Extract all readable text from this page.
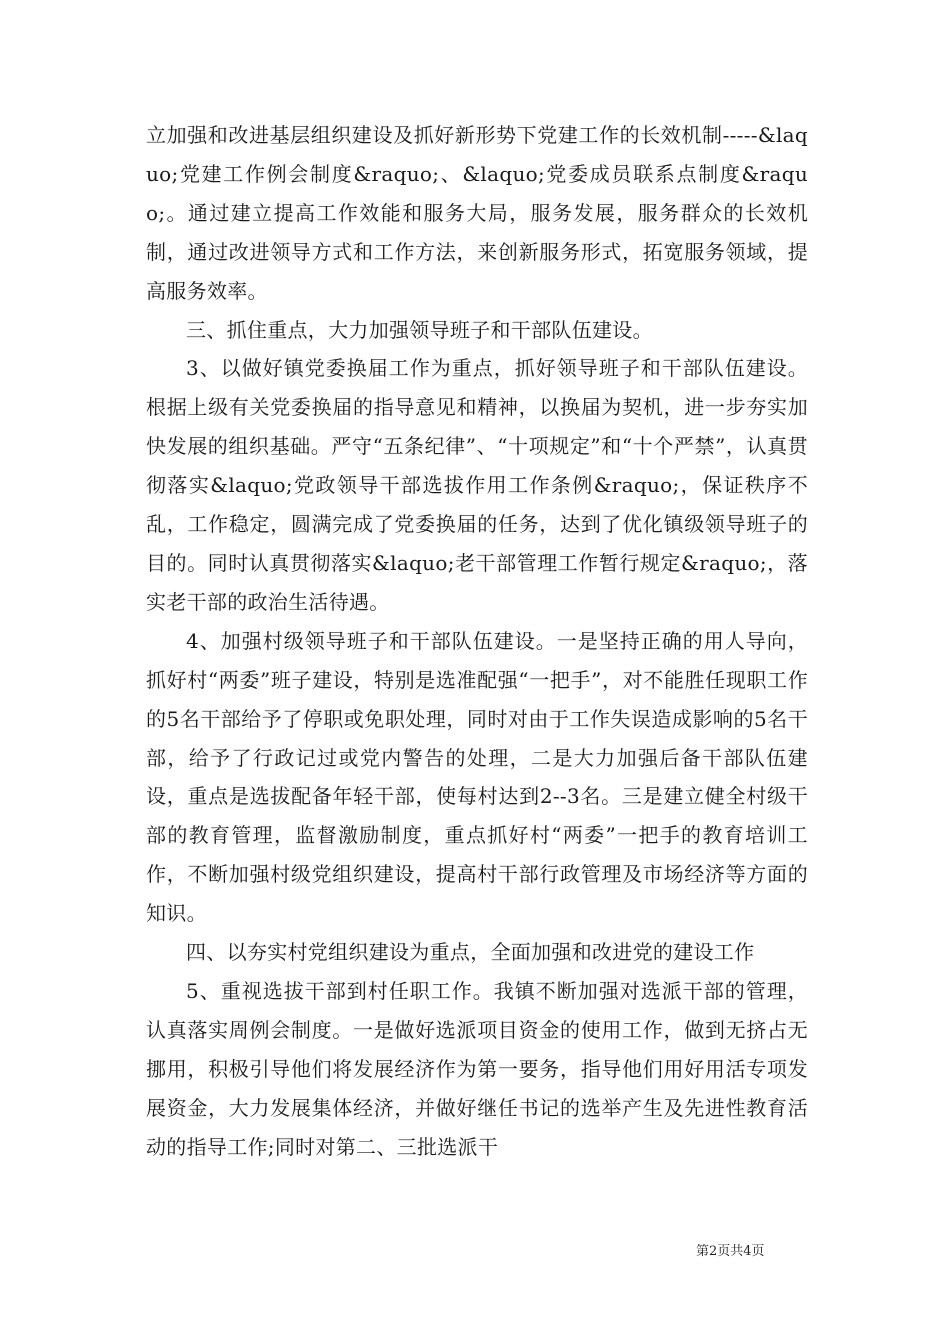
立加强和改进基层组织建设及抓好新形势下党建工作的长效机制-----&laquo;党建工作例会制度&raquo;、&laquo;党委成员联系点制度&raquo;。通过建立提高工作效能和服务大局，服务发展，服务群众的长效机制，通过改进领导方式和工作方法，来创新服务形式，拓宽服务领域，提高服务效率。

三、抓住重点，大力加强领导班子和干部队伍建设。

3、以做好镇党委换届工作为重点，抓好领导班子和干部队伍建设。根据上级有关党委换届的指导意见和精神，以换届为契机，进一步夯实加快发展的组织基础。严守“五条纪律”、“十项规定”和“十个严禁”，认真贯彻落实&laquo;党政领导干部选拔作用工作条例&raquo;，保证秩序不乱，工作稳定，圆满完成了党委换届的任务，达到了优化镇级领导班子的目的。同时认真贯彻落实&laquo;老干部管理工作暂行规定&raquo;，落实老干部的政治生活待遇。

4、加强村级领导班子和干部队伍建设。一是坚持正确的用人导向，抓好村“两委”班子建设，特别是选准配强“一把手”，对不能胜任现职工作的5名干部给予了停职或免职处理，同时对由于工作失误造成影响的5名干部，给予了行政记过或党内警告的处理，二是大力加强后备干部队伍建设，重点是选拔配备年轻干部，使每村达到2--3名。三是建立健全村级干部的教育管理，监督激励制度，重点抓好村“两委”一把手的教育培训工作，不断加强村级党组织建设，提高村干部行政管理及市场经济等方面的知识。

四、以夯实村党组织建设为重点，全面加强和改进党的建设工作

5、重视选拔干部到村任职工作。我镇不断加强对选派干部的管理，认真落实周例会制度。一是做好选派项目资金的使用工作，做到无挤占无挪用，积极引导他们将发展经济作为第一要务，指导他们用好用活专项发展资金，大力发展集体经济，并做好继任书记的选举产生及先进性教育活动的指导工作;同时对第二、三批选派干

第2页共4页
